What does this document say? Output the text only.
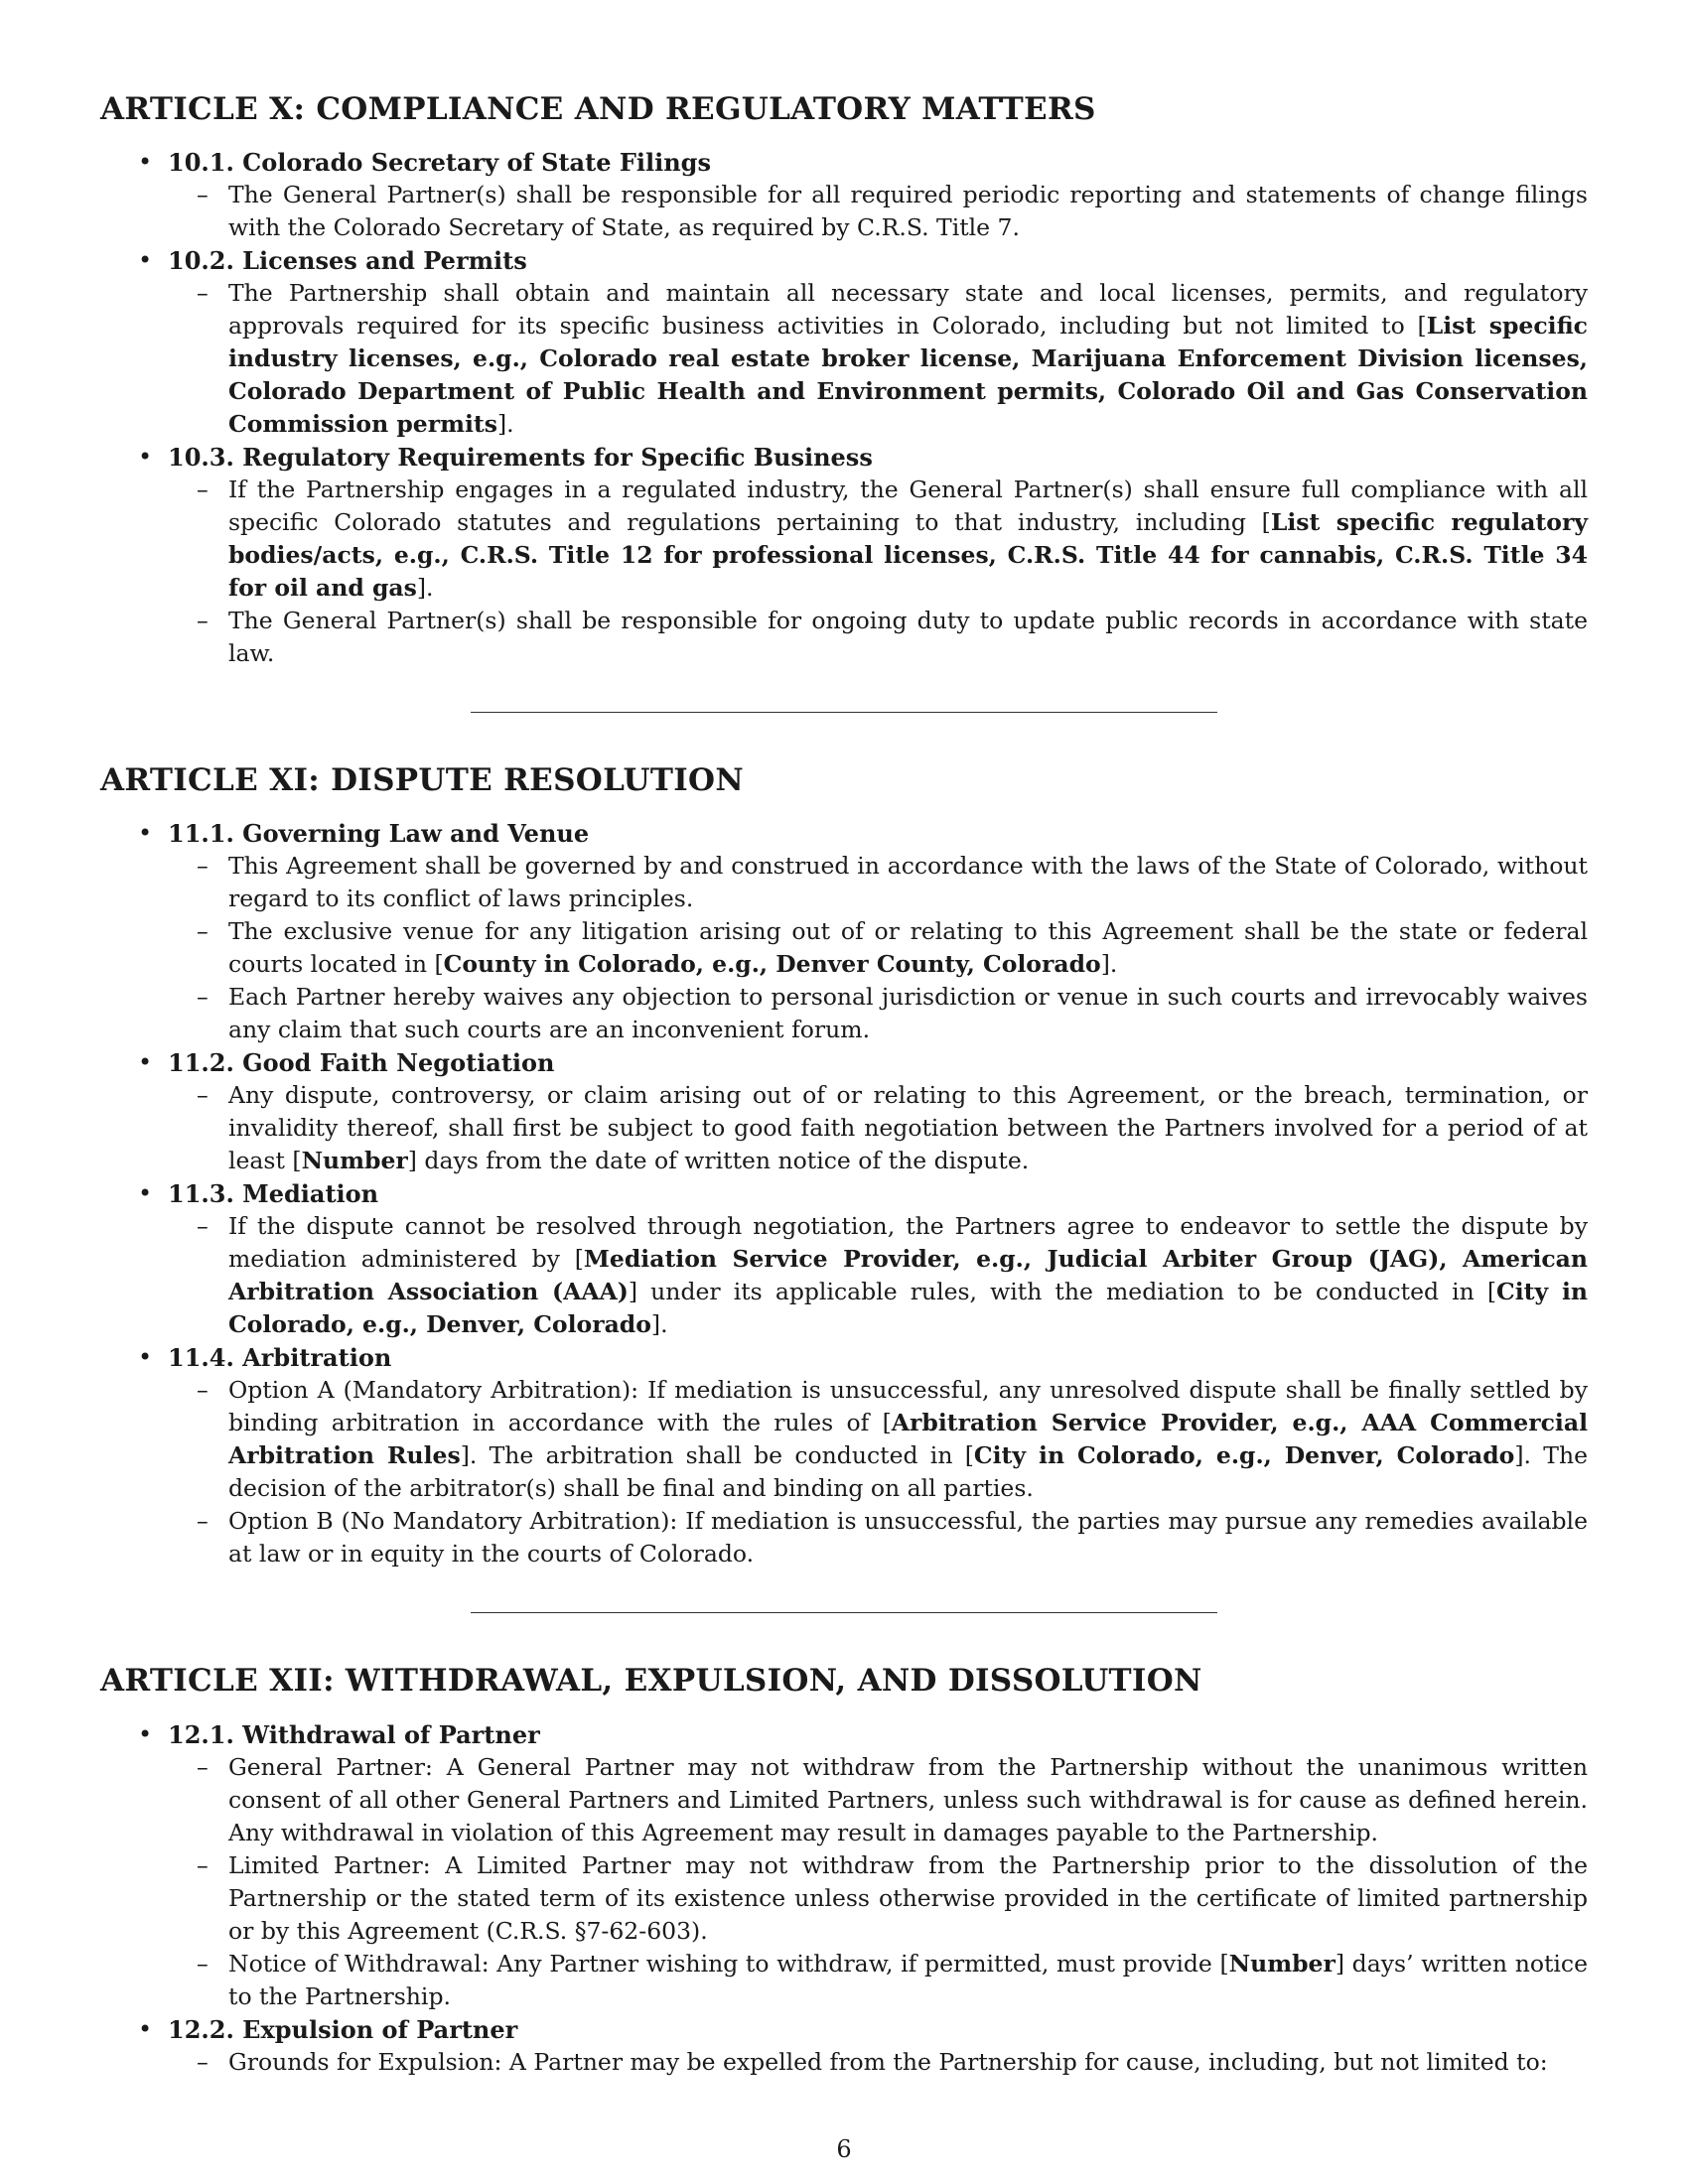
ARTICLE X: COMPLIANCE AND REGULATORY MATTERS
• 10.1. Colorado Secretary of State Filings
– The General Partner(s) shall be responsible for all required periodic reporting and statements of change filings with the Colorado Secretary of State, as required by C.R.S. Title 7.
• 10.2. Licenses and Permits
– The Partnership shall obtain and maintain all necessary state and local licenses, permits, and regulatory approvals required for its specific business activities in Colorado, including but not limited to [List specific industry licenses, e.g., Colorado real estate broker license, Marijuana Enforcement Division licenses, Colorado Department of Public Health and Environment permits, Colorado Oil and Gas Conservation Commission permits].
• 10.3. Regulatory Requirements for Specific Business
– If the Partnership engages in a regulated industry, the General Partner(s) shall ensure full compliance with all specific Colorado statutes and regulations pertaining to that industry, including [List specific regulatory bodies/acts, e.g., C.R.S. Title 12 for professional licenses, C.R.S. Title 44 for cannabis, C.R.S. Title 34 for oil and gas].
– The General Partner(s) shall be responsible for ongoing duty to update public records in accordance with state law.
ARTICLE XI: DISPUTE RESOLUTION
• 11.1. Governing Law and Venue
– This Agreement shall be governed by and construed in accordance with the laws of the State of Colorado, without regard to its conflict of laws principles.
– The exclusive venue for any litigation arising out of or relating to this Agreement shall be the state or federal courts located in [County in Colorado, e.g., Denver County, Colorado].
– Each Partner hereby waives any objection to personal jurisdiction or venue in such courts and irrevocably waives any claim that such courts are an inconvenient forum.
• 11.2. Good Faith Negotiation
– Any dispute, controversy, or claim arising out of or relating to this Agreement, or the breach, termination, or invalidity thereof, shall first be subject to good faith negotiation between the Partners involved for a period of at least [Number] days from the date of written notice of the dispute.
• 11.3. Mediation
– If the dispute cannot be resolved through negotiation, the Partners agree to endeavor to settle the dispute by mediation administered by [Mediation Service Provider, e.g., Judicial Arbiter Group (JAG), American Arbitration Association (AAA)] under its applicable rules, with the mediation to be conducted in [City in Colorado, e.g., Denver, Colorado].
• 11.4. Arbitration
– Option A (Mandatory Arbitration): If mediation is unsuccessful, any unresolved dispute shall be finally settled by binding arbitration in accordance with the rules of [Arbitration Service Provider, e.g., AAA Commercial Arbitration Rules]. The arbitration shall be conducted in [City in Colorado, e.g., Denver, Colorado]. The decision of the arbitrator(s) shall be final and binding on all parties.
– Option B (No Mandatory Arbitration): If mediation is unsuccessful, the parties may pursue any remedies available at law or in equity in the courts of Colorado.
ARTICLE XII: WITHDRAWAL, EXPULSION, AND DISSOLUTION
• 12.1. Withdrawal of Partner
– General Partner: A General Partner may not withdraw from the Partnership without the unanimous written consent of all other General Partners and Limited Partners, unless such withdrawal is for cause as defined herein. Any withdrawal in violation of this Agreement may result in damages payable to the Partnership.
– Limited Partner: A Limited Partner may not withdraw from the Partnership prior to the dissolution of the Partnership or the stated term of its existence unless otherwise provided in the certificate of limited partnership or by this Agreement (C.R.S. §7-62-603).
– Notice of Withdrawal: Any Partner wishing to withdraw, if permitted, must provide [Number] days’ written notice to the Partnership.
• 12.2. Expulsion of Partner
– Grounds for Expulsion: A Partner may be expelled from the Partnership for cause, including, but not limited to:
6
